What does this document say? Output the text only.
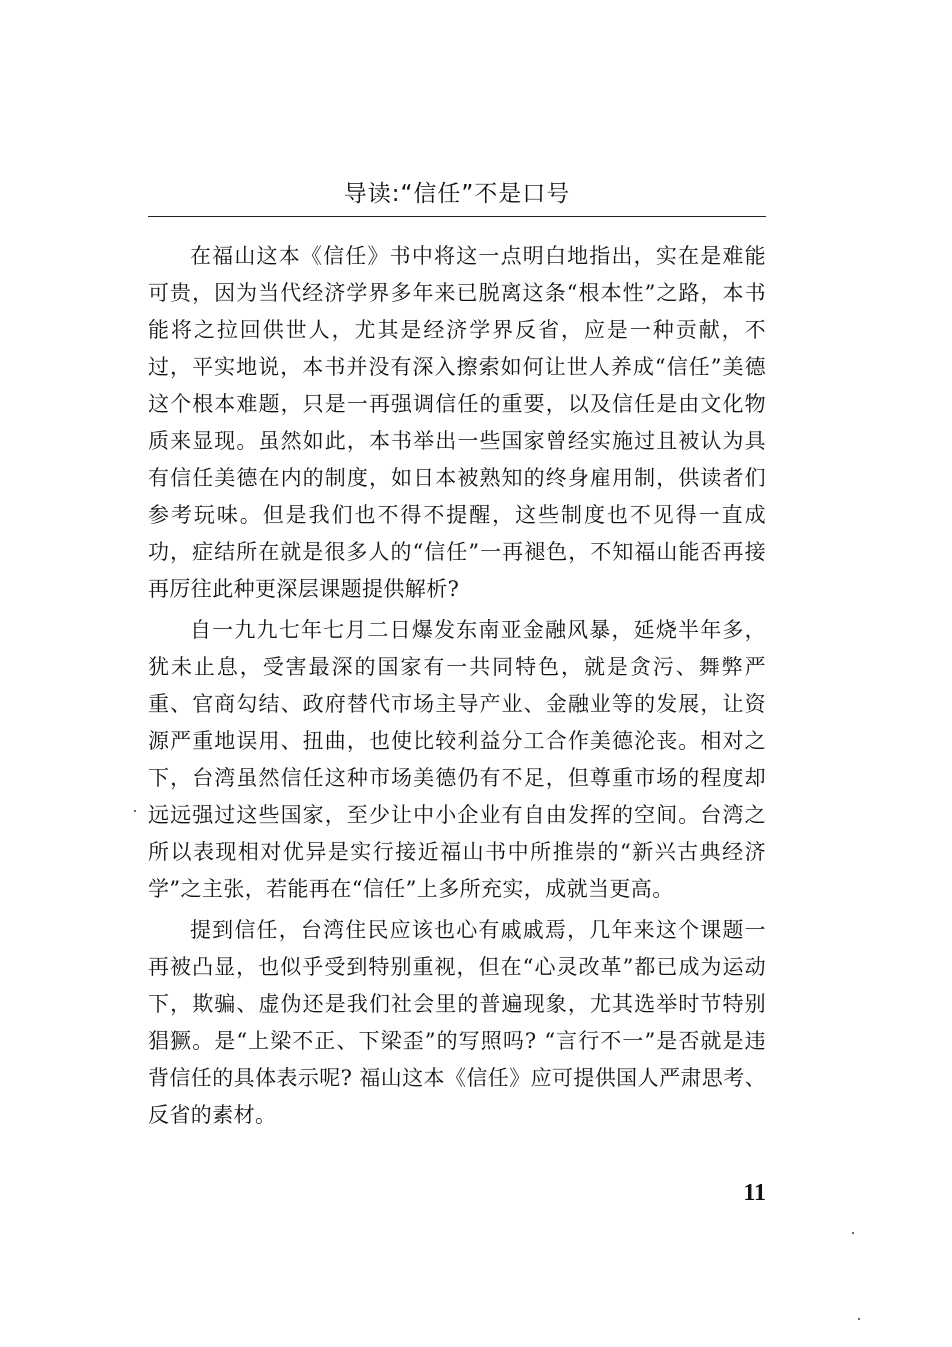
导读:“信任”不是口号

在福山这本《信任》书中将这一点明白地指出，实在是难能可贵，因为当代经济学界多年来已脱离这条“根本性”之路，本书能将之拉回供世人，尤其是经济学界反省，应是一种贡献，不过，平实地说，本书并没有深入擦索如何让世人养成“信任”美德这个根本难题，只是一再强调信任的重要，以及信任是由文化物质来显现。虽然如此，本书举出一些国家曾经实施过且被认为具有信任美德在内的制度，如日本被熟知的终身雇用制，供读者们参考玩味。但是我们也不得不提醒，这些制度也不见得一直成功，症结所在就是很多人的“信任”一再褪色，不知福山能否再接再厉往此种更深层课题提供解析?

自一九九七年七月二日爆发东南亚金融风暴，延烧半年多，犹未止息，受害最深的国家有一共同特色，就是贪污、舞弊严重、官商勾结、政府替代市场主导产业、金融业等的发展，让资源严重地误用、扭曲，也使比较利益分工合作美德沦丧。相对之下，台湾虽然信任这种市场美德仍有不足，但尊重市场的程度却远远强过这些国家，至少让中小企业有自由发挥的空间。台湾之所以表现相对优异是实行接近福山书中所推崇的“新兴古典经济学”之主张，若能再在“信任”上多所充实，成就当更高。

提到信任，台湾住民应该也心有戚戚焉，几年来这个课题一再被凸显，也似乎受到特别重视，但在“心灵改革”都已成为运动下，欺骗、虚伪还是我们社会里的普遍现象，尤其选举时节特别猖獗。是“上梁不正、下梁歪”的写照吗? “言行不一”是否就是违背信任的具体表示呢? 福山这本《信任》应可提供国人严肃思考、反省的素材。

11
